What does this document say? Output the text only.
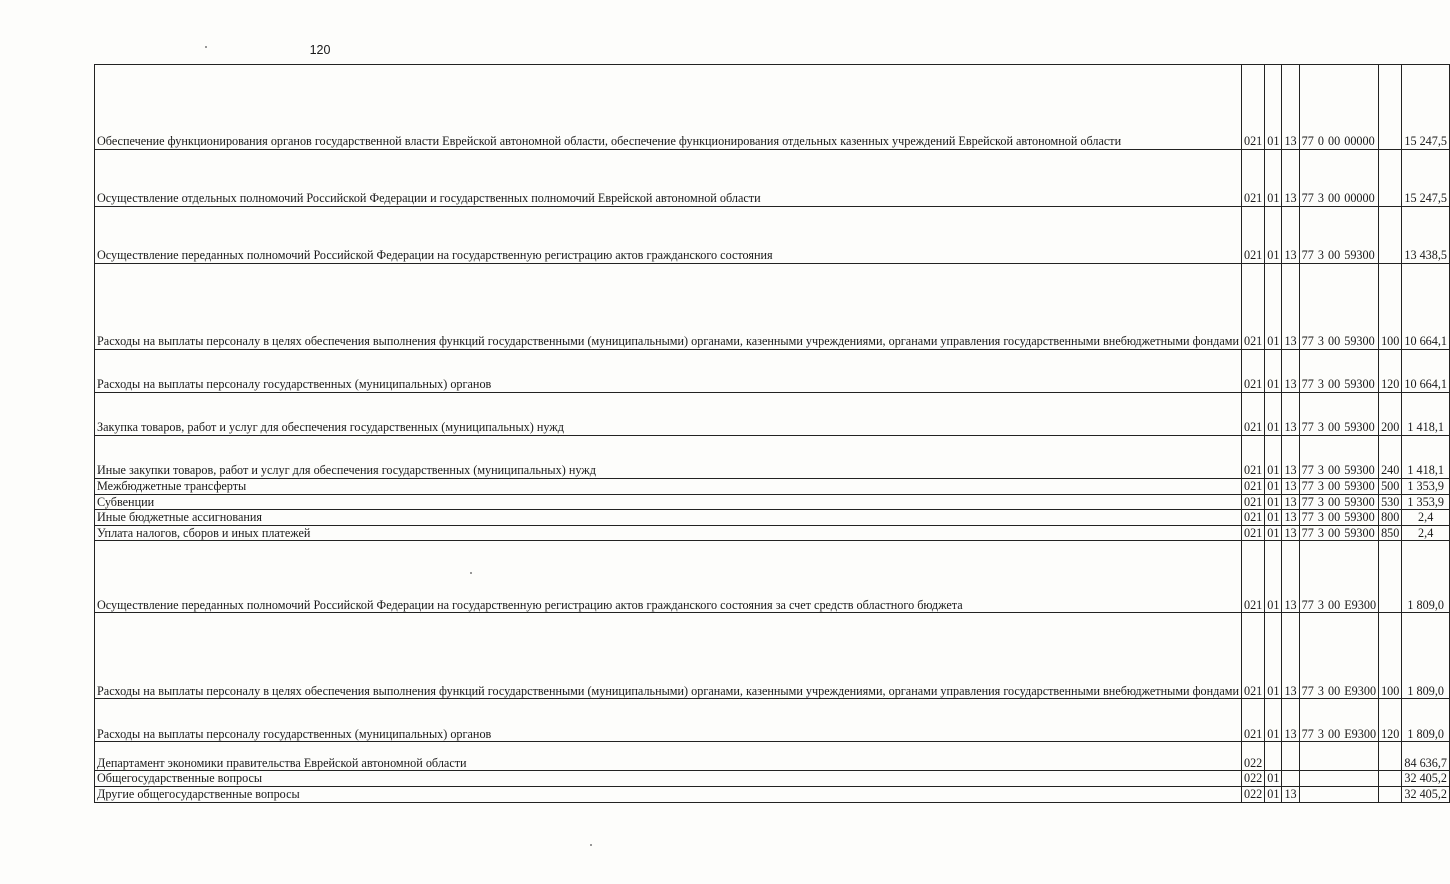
120
Обеспечение функционирования органов государственной власти Еврейской автономной области, обеспечение функционирования отдельных казенных учреждений Еврейской автономной области	021	01	13	77 0 00 00000		15 247,5
Осуществление отдельных полномочий Российской Федерации и государственных полномочий Еврейской автономной области	021	01	13	77 3 00 00000		15 247,5
Осуществление переданных полномочий Российской Федерации на государственную регистрацию актов гражданского состояния	021	01	13	77 3 00 59300		13 438,5
Расходы на выплаты персоналу в целях обеспечения выполнения функций государственными (муниципальными) органами, казенными учреждениями, органами управления государственными внебюджетными фондами	021	01	13	77 3 00 59300	100	10 664,1
Расходы на выплаты персоналу государственных (муниципальных) органов	021	01	13	77 3 00 59300	120	10 664,1
Закупка товаров, работ и услуг для обеспечения государственных (муниципальных) нужд	021	01	13	77 3 00 59300	200	1 418,1
Иные закупки товаров, работ и услуг для обеспечения государственных (муниципальных) нужд	021	01	13	77 3 00 59300	240	1 418,1
Межбюджетные трансферты	021	01	13	77 3 00 59300	500	1 353,9
Субвенции	021	01	13	77 3 00 59300	530	1 353,9
Иные бюджетные ассигнования	021	01	13	77 3 00 59300	800	2,4
Уплата налогов, сборов и иных платежей	021	01	13	77 3 00 59300	850	2,4
Осуществление переданных полномочий Российской Федерации на государственную регистрацию актов гражданского состояния за счет средств областного бюджета	021	01	13	77 3 00 E9300		1 809,0
Расходы на выплаты персоналу в целях обеспечения выполнения функций государственными (муниципальными) органами, казенными учреждениями, органами управления государственными внебюджетными фондами	021	01	13	77 3 00 E9300	100	1 809,0
Расходы на выплаты персоналу государственных (муниципальных) органов	021	01	13	77 3 00 E9300	120	1 809,0
Департамент экономики правительства Еврейской автономной области	022					84 636,7
Общегосударственные вопросы	022	01				32 405,2
Другие общегосударственные вопросы	022	01	13			32 405,2
